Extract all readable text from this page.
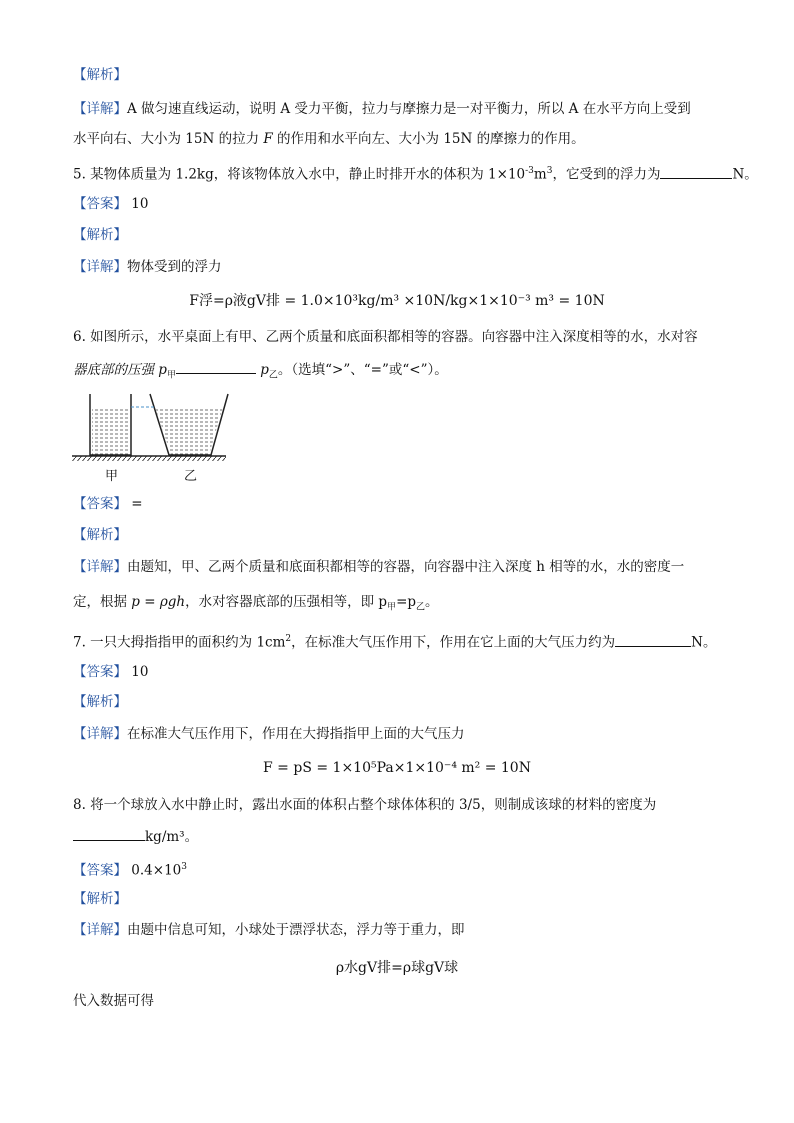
【解析】
【详解】A 做匀速直线运动，说明 A 受力平衡，拉力与摩擦力是一对平衡力，所以 A 在水平方向上受到
水平向右、大小为 15N 的拉力 F 的作用和水平向左、大小为 15N 的摩擦力的作用。
5. 某物体质量为 1.2kg，将该物体放入水中，静止时排开水的体积为 $1\times 10^{-3}m^3$，它受到的浮力为	N。
【答案】 10
【解析】
【详解】物体受到的浮力
F浮=ρ液gV排 = 1.0×10³kg/m³ ×10N/kg×1×10⁻³ m³ = 10N
6. 如图所示，水平桌面上有甲、乙两个质量和底面积都相等的容器。向容器中注入深度相等的水，水对容
器底部的压强 $p_甲$	$p_乙$。（选填“>”、“=”或“<”）。
甲	乙
【答案】 =
【解析】
【详解】由题知，甲、乙两个质量和底面积都相等的容器，向容器中注入深度 h 相等的水，水的密度一
定，根据 p = ρgh，水对容器底部的压强相等，即 $p_甲=p_乙$。
7. 一只大拇指指甲的面积约为 $1cm^2$，在标准大气压作用下，作用在它上面的大气压力约为	N。
【答案】 10
【解析】
【详解】在标准大气压作用下，作用在大拇指指甲上面的大气压力
F = pS = 1×10⁵Pa×1×10⁻⁴ m² = 10N
8. 将一个球放入水中静止时，露出水面的体积占整个球体体积的 3/5，则制成该球的材料的密度为
kg/m³。
【答案】 $0.4\times 10^3$
【解析】
【详解】由题中信息可知，小球处于漂浮状态，浮力等于重力，即
ρ水gV排=ρ球gV球
代入数据可得
